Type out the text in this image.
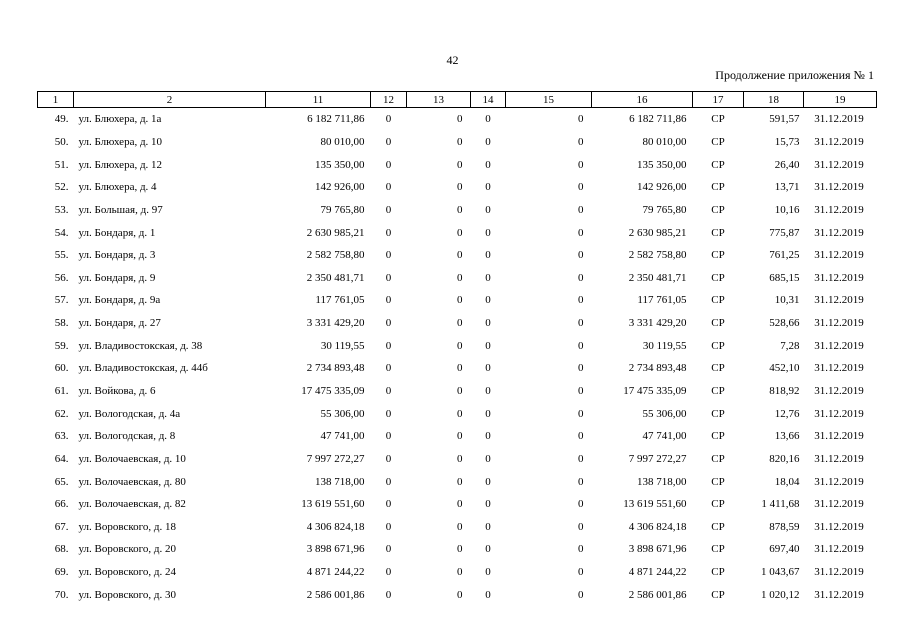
42
Продолжение приложения № 1
1	2	11	12	13	14	15	16	17	18	19
49.	ул. Блюхера, д. 1а	6 182 711,86	0	0	0	0	6 182 711,86	СР	591,57	31.12.2019
50.	ул. Блюхера, д. 10	80 010,00	0	0	0	0	80 010,00	СР	15,73	31.12.2019
51.	ул. Блюхера, д. 12	135 350,00	0	0	0	0	135 350,00	СР	26,40	31.12.2019
52.	ул. Блюхера, д. 4	142 926,00	0	0	0	0	142 926,00	СР	13,71	31.12.2019
53.	ул. Большая, д. 97	79 765,80	0	0	0	0	79 765,80	СР	10,16	31.12.2019
54.	ул. Бондаря, д. 1	2 630 985,21	0	0	0	0	2 630 985,21	СР	775,87	31.12.2019
55.	ул. Бондаря, д. 3	2 582 758,80	0	0	0	0	2 582 758,80	СР	761,25	31.12.2019
56.	ул. Бондаря, д. 9	2 350 481,71	0	0	0	0	2 350 481,71	СР	685,15	31.12.2019
57.	ул. Бондаря, д. 9а	117 761,05	0	0	0	0	117 761,05	СР	10,31	31.12.2019
58.	ул. Бондаря, д. 27	3 331 429,20	0	0	0	0	3 331 429,20	СР	528,66	31.12.2019
59.	ул. Владивостокская, д. 38	30 119,55	0	0	0	0	30 119,55	СР	7,28	31.12.2019
60.	ул. Владивостокская, д. 44б	2 734 893,48	0	0	0	0	2 734 893,48	СР	452,10	31.12.2019
61.	ул. Войкова, д. 6	17 475 335,09	0	0	0	0	17 475 335,09	СР	818,92	31.12.2019
62.	ул. Вологодская, д. 4а	55 306,00	0	0	0	0	55 306,00	СР	12,76	31.12.2019
63.	ул. Вологодская, д. 8	47 741,00	0	0	0	0	47 741,00	СР	13,66	31.12.2019
64.	ул. Волочаевская, д. 10	7 997 272,27	0	0	0	0	7 997 272,27	СР	820,16	31.12.2019
65.	ул. Волочаевская, д. 80	138 718,00	0	0	0	0	138 718,00	СР	18,04	31.12.2019
66.	ул. Волочаевская, д. 82	13 619 551,60	0	0	0	0	13 619 551,60	СР	1 411,68	31.12.2019
67.	ул. Воровского, д. 18	4 306 824,18	0	0	0	0	4 306 824,18	СР	878,59	31.12.2019
68.	ул. Воровского, д. 20	3 898 671,96	0	0	0	0	3 898 671,96	СР	697,40	31.12.2019
69.	ул. Воровского, д. 24	4 871 244,22	0	0	0	0	4 871 244,22	СР	1 043,67	31.12.2019
70.	ул. Воровского, д. 30	2 586 001,86	0	0	0	0	2 586 001,86	СР	1 020,12	31.12.2019
